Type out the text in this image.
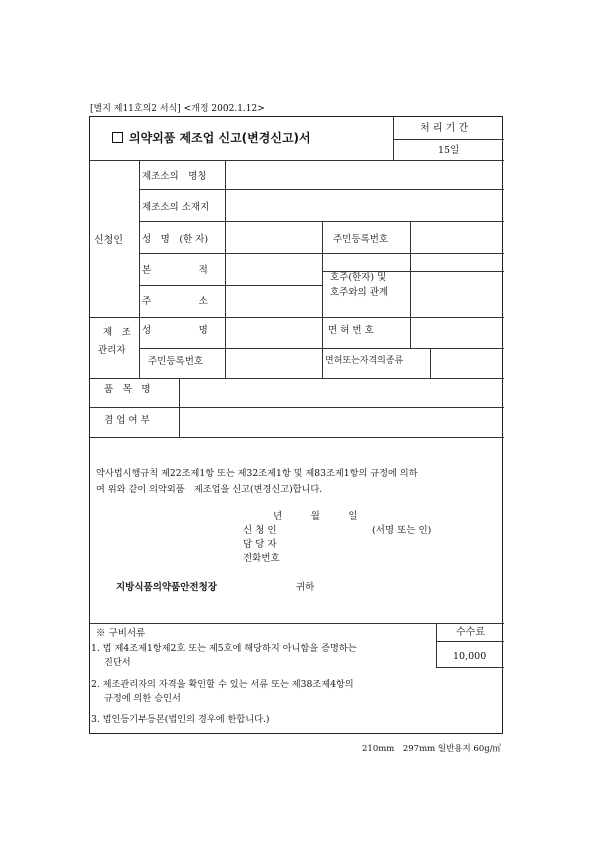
[별지 제11호의2 서식] <개정 2002.1.12>
의약외품 제조업 신고(변경신고)서
처 리 기 간
15일
신청인
제조소의　명칭
제조소의 소재지
성　명　(한 자)	주민등록번호
본　　　　　적
주　　　　　소
호주(한자) 및
호주와의 관계
제　조
관리자
성　　　　　명	면 허 번 호
주민등록번호	면허또는자격의종류
품　목　명
겸 업 여 부
약사법시행규칙 제22조제1항 또는 제32조제1항 및 제83조제1항의 규정에 의하
여 위와 같이 의약외품　제조업을 신고(변경신고)합니다.
년　　　월　　　일
신 청 인	(서명 또는 인)
담 당 자
전화번호
지방식품의약품안전청장	귀하
※ 구비서류
1. 법 제4조제1항제2호 또는 제5호에 해당하지 아니함을 증명하는
진단서
2. 제조관리자의 자격을 확인할 수 있는 서류 또는 제38조제4항의
규정에 의한 승인서
3. 법인등기부등본(법인의 경우에 한합니다.)
수수료
10,000
210mm　297mm 일반용지 60g/㎡
